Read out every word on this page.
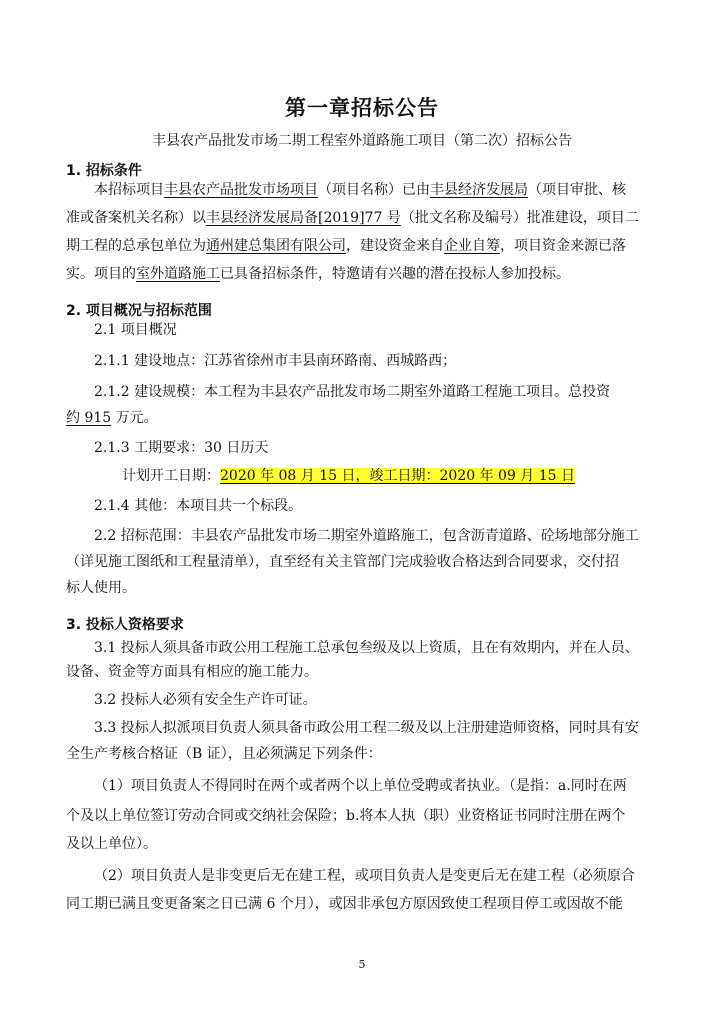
第一章招标公告
丰县农产品批发市场二期工程室外道路施工项目（第二次）招标公告
1. 招标条件
本招标项目丰县农产品批发市场项目（项目名称）已由丰县经济发展局（项目审批、核
准或备案机关名称）以丰县经济发展局备[2019]77 号（批文名称及编号）批准建设，项目二
期工程的总承包单位为通州建总集团有限公司，建设资金来自企业自筹，项目资金来源已落
实。项目的室外道路施工已具备招标条件，特邀请有兴趣的潜在投标人参加投标。
2. 项目概况与招标范围
2.1 项目概况
2.1.1 建设地点：江苏省徐州市丰县南环路南、西城路西；
2.1.2 建设规模：本工程为丰县农产品批发市场二期室外道路工程施工项目。总投资
约 915 万元。
2.1.3 工期要求：30 日历天
计划开工日期：2020 年 08 月 15 日，竣工日期：2020 年 09 月 15 日
2.1.4 其他：本项目共一个标段。
2.2 招标范围：丰县农产品批发市场二期室外道路施工，包含沥青道路、砼场地部分施工
（详见施工图纸和工程量清单），直至经有关主管部门完成验收合格达到合同要求，交付招
标人使用。
3. 投标人资格要求
3.1 投标人须具备市政公用工程施工总承包叁级及以上资质，且在有效期内，并在人员、
设备、资金等方面具有相应的施工能力。
3.2 投标人必须有安全生产许可证。
3.3 投标人拟派项目负责人须具备市政公用工程二级及以上注册建造师资格，同时具有安
全生产考核合格证（B 证），且必须满足下列条件：
（1）项目负责人不得同时在两个或者两个以上单位受聘或者执业。（是指：a.同时在两
个及以上单位签订劳动合同或交纳社会保险；b.将本人执（职）业资格证书同时注册在两个
及以上单位）。
（2）项目负责人是非变更后无在建工程，或项目负责人是变更后无在建工程（必须原合
同工期已满且变更备案之日已满 6 个月），或因非承包方原因致使工程项目停工或因故不能
5
